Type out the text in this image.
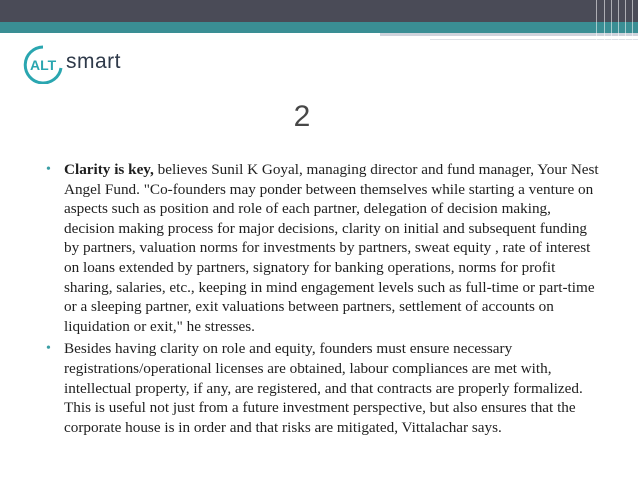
ALT smart
2
• Clarity is key, believes Sunil K Goyal, managing director and fund manager, Your Nest Angel Fund. "Co-founders may ponder between themselves while starting a venture on aspects such as position and role of each partner, delegation of decision making, decision making process for major decisions, clarity on initial and subsequent funding by partners, valuation norms for investments by partners, sweat equity , rate of interest on loans extended by partners, signatory for banking operations, norms for profit sharing, salaries, etc., keeping in mind engagement levels such as full-time or part-time or a sleeping partner, exit valuations between partners, settlement of accounts on liquidation or exit," he stresses.
• Besides having clarity on role and equity, founders must ensure necessary registrations/operational licenses are obtained, labour compliances are met with, intellectual property, if any, are registered, and that contracts are properly formalized. This is useful not just from a future investment perspective, but also ensures that the corporate house is in order and that risks are mitigated, Vittalachar says.
